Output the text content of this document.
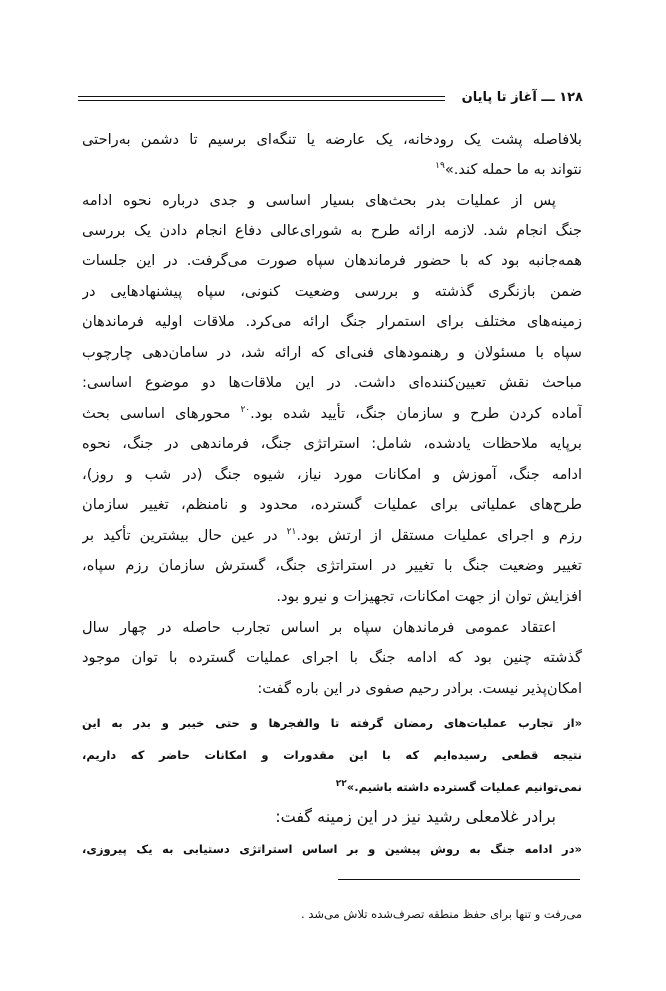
۱۲۸ ـــ آغاز تا پایان
بلافاصله پشت یک رودخانه، یک عارضه یا تنگه‌ای برسیم تا دشمن به‌راحتی
نتواند به ما حمله کند.»$^{۱۹}$
پس از عملیات بدر بحث‌های بسیار اساسی و جدی درباره نحوه ادامه
جنگ انجام شد. لازمه ارائه طرح به شورای‌عالی دفاع انجام دادن یک بررسی
همه‌جانبه بود که با حضور فرماندهان سپاه صورت می‌گرفت. در این جلسات
ضمن بازنگری گذشته و بررسی وضعیت کنونی، سپاه پیشنهادهایی در
زمینه‌های مختلف برای استمرار جنگ ارائه می‌کرد. ملاقات اولیه فرماندهان
سپاه با مسئولان و رهنمودهای فنی‌ای که ارائه شد، در سامان‌دهی چارچوب
مباحث نقش تعیین‌کننده‌ای داشت. در این ملاقات‌ها دو موضوع اساسی:
آماده کردن طرح و سازمان جنگ، تأیید شده بود.$^{۲۰}$ محورهای اساسی بحث
برپایه ملاحظات یادشده، شامل: استراتژی جنگ، فرماندهی در جنگ، نحوه
ادامه جنگ، آموزش و امکانات مورد نیاز، شیوه جنگ (در شب و روز)،
طرح‌های عملیاتی برای عملیات گسترده، محدود و نامنظم، تغییر سازمان
رزم و اجرای عملیات مستقل از ارتش بود.$^{۲۱}$ در عین حال بیشترین تأکید بر
تغییر وضعیت جنگ با تغییر در استراتژی جنگ، گسترش سازمان رزم سپاه،
افزایش توان از جهت امکانات، تجهیزات و نیرو بود.
اعتقاد عمومی فرماندهان سپاه بر اساس تجارب حاصله در چهار سال
گذشته چنین بود که ادامه جنگ با اجرای عملیات گسترده با توان موجود
امکان‌پذیر نیست. برادر رحیم صفوی در این باره گفت:
«از تجارب عملیات‌های رمضان گرفته تا والفجرها و حتی خیبر و بدر به این
نتیجه قطعی رسیده‌ایم که با این مقدورات و امکانات حاضر که داریم،
نمی‌توانیم عملیات گسترده داشته باشیم.»$^{۲۲}$
برادر غلامعلی رشید نیز در این زمینه گفت:
«در ادامه جنگ به روش پیشین و بر اساس استراتژی دستیابی به یک پیروزی،
می‌رفت و تنها برای حفظ منطقه تصرف‌شده تلاش می‌شد .
